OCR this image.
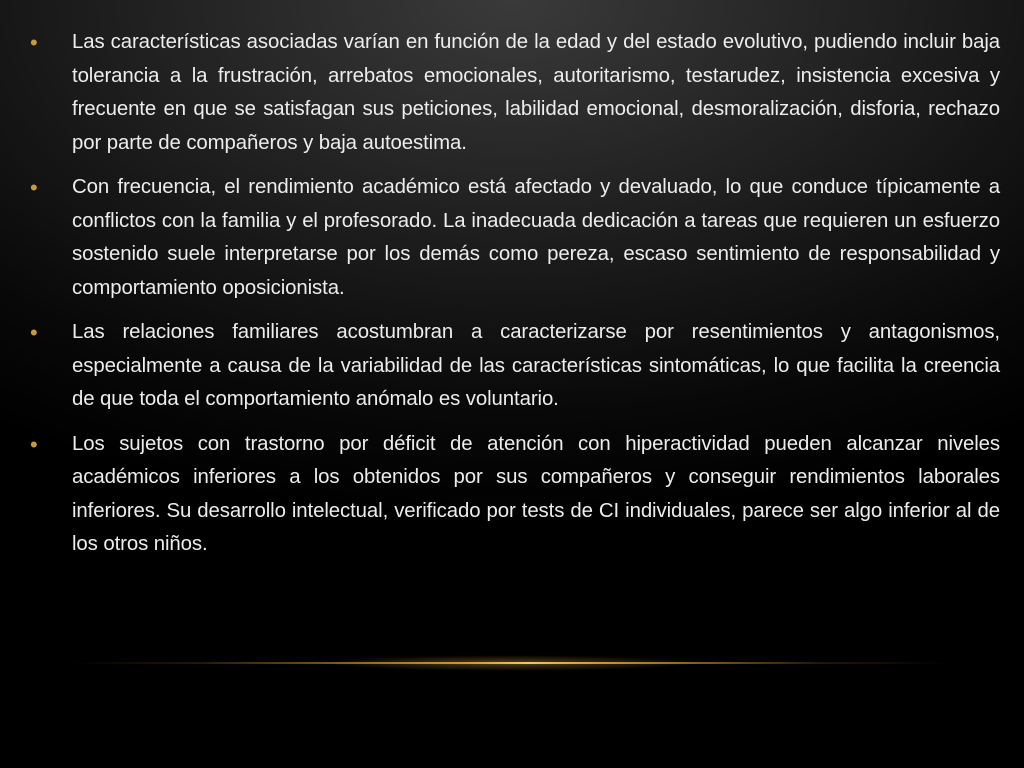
•	Las características asociadas varían en función de la edad y del estado evolutivo, pudiendo incluir baja tolerancia a la frustración, arrebatos emocionales, autoritarismo, testarudez, insistencia excesiva y frecuente en que se satisfagan sus peticiones, labilidad emocional, desmoralización, disforia, rechazo por parte de compañeros y baja autoestima.
•	Con frecuencia, el rendimiento académico está afectado y devaluado, lo que conduce típicamente a conflictos con la familia y el profesorado. La inadecuada dedicación a tareas que requieren un esfuerzo sostenido suele interpretarse por los demás como pereza, escaso sentimiento de responsabilidad y comportamiento oposicionista.
•	Las relaciones familiares acostumbran a caracterizarse por resentimientos y antagonismos, especialmente a causa de la variabilidad de las características sintomáticas, lo que facilita la creencia de que toda el comportamiento anómalo es voluntario.
•	Los sujetos con trastorno por déficit de atención con hiperactividad pueden alcanzar niveles académicos inferiores a los obtenidos por sus compañeros y conseguir rendimientos laborales inferiores. Su desarrollo intelectual, verificado por tests de CI individuales, parece ser algo inferior al de los otros niños.
